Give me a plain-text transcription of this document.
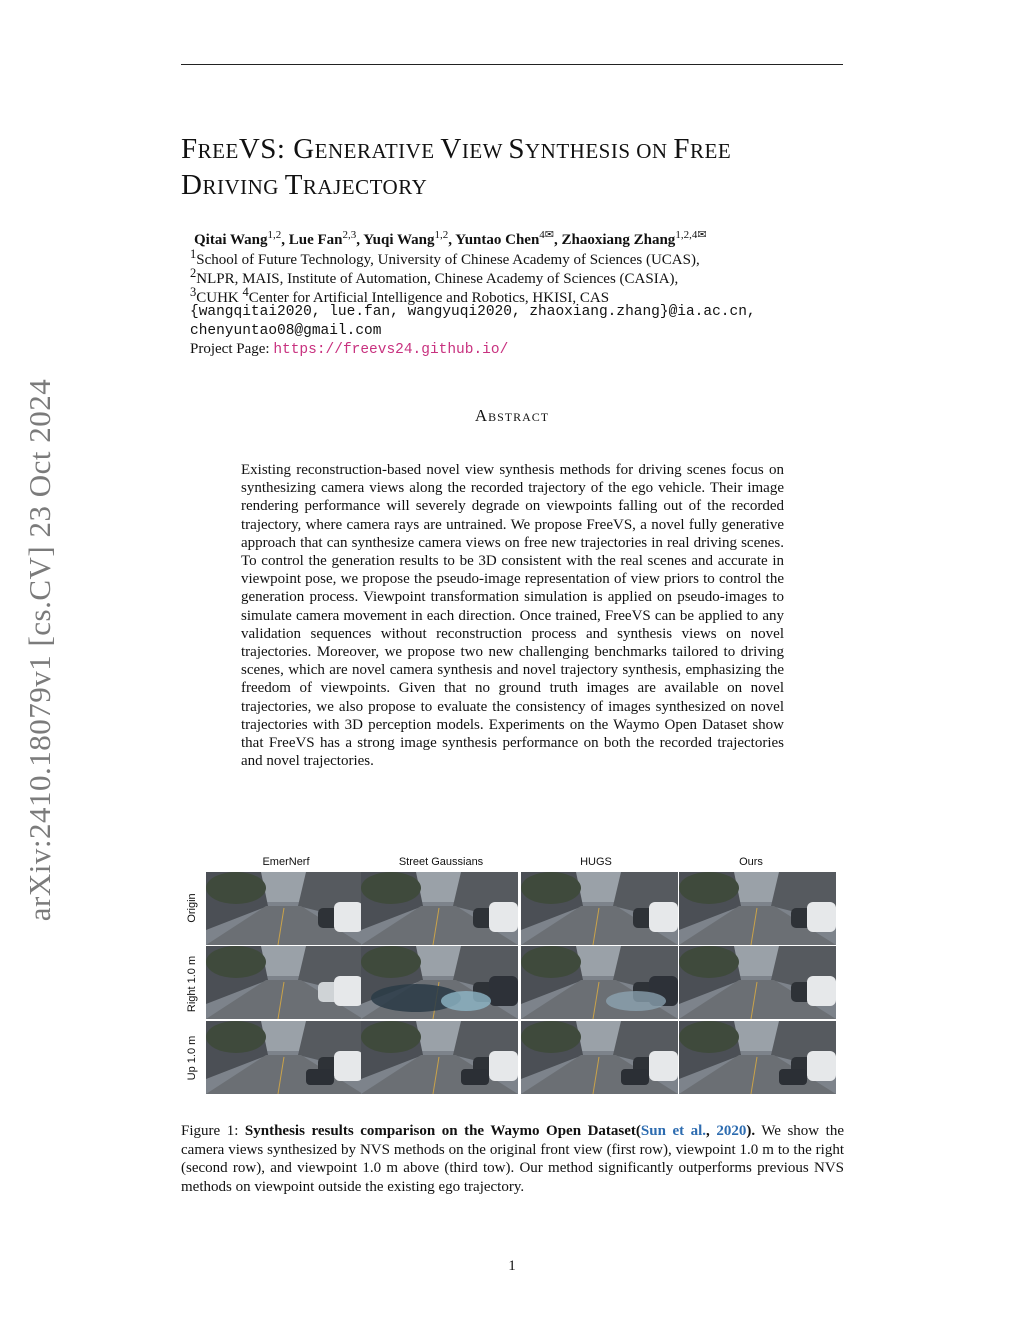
arXiv:2410.18079v1 [cs.CV] 23 Oct 2024
FREEVS: GENERATIVE VIEW SYNTHESIS ON FREE
DRIVING TRAJECTORY
Qitai Wang$^{1,2}$, Lue Fan$^{2,3}$, Yuqi Wang$^{1,2}$, Yuntao Chen$^{4✉}$, Zhaoxiang Zhang$^{1,2,4✉}$
$^1$School of Future Technology, University of Chinese Academy of Sciences (UCAS),
$^2$NLPR, MAIS, Institute of Automation, Chinese Academy of Sciences (CASIA),
$^3$CUHK $^4$Center for Artificial Intelligence and Robotics, HKISI, CAS
{wangqitai2020, lue.fan, wangyuqi2020, zhaoxiang.zhang}@ia.ac.cn,
chenyuntao08@gmail.com
Project Page: https://freevs24.github.io/
Abstract
Existing reconstruction-based novel view synthesis methods for driving scenes focus on synthesizing camera views along the recorded trajectory of the ego vehicle. Their image rendering performance will severely degrade on viewpoints falling out of the recorded trajectory, where camera rays are untrained. We propose FreeVS, a novel fully generative approach that can synthesize camera views on free new trajectories in real driving scenes. To control the generation results to be 3D consistent with the real scenes and accurate in viewpoint pose, we propose the pseudo-image representation of view priors to control the generation process. Viewpoint transformation simulation is applied on pseudo-images to simulate camera movement in each direction. Once trained, FreeVS can be applied to any validation sequences without reconstruction process and synthesis views on novel trajectories. Moreover, we propose two new challenging benchmarks tailored to driving scenes, which are novel camera synthesis and novel trajectory synthesis, emphasizing the freedom of viewpoints. Given that no ground truth images are available on novel trajectories, we also propose to evaluate the consistency of images synthesized on novel trajectories with 3D perception models. Experiments on the Waymo Open Dataset show that FreeVS has a strong image synthesis performance on both the recorded trajectories and novel trajectories.
EmerNerf	Street Gaussians	HUGS	Ours
Origin
Right 1.0 m
Up 1.0 m
Figure 1: Synthesis results comparison on the Waymo Open Dataset(Sun et al., 2020). We show the camera views synthesized by NVS methods on the original front view (first row), viewpoint 1.0 m to the right (second row), and viewpoint 1.0 m above (third tow). Our method significantly outperforms previous NVS methods on viewpoint outside the existing ego trajectory.
1
